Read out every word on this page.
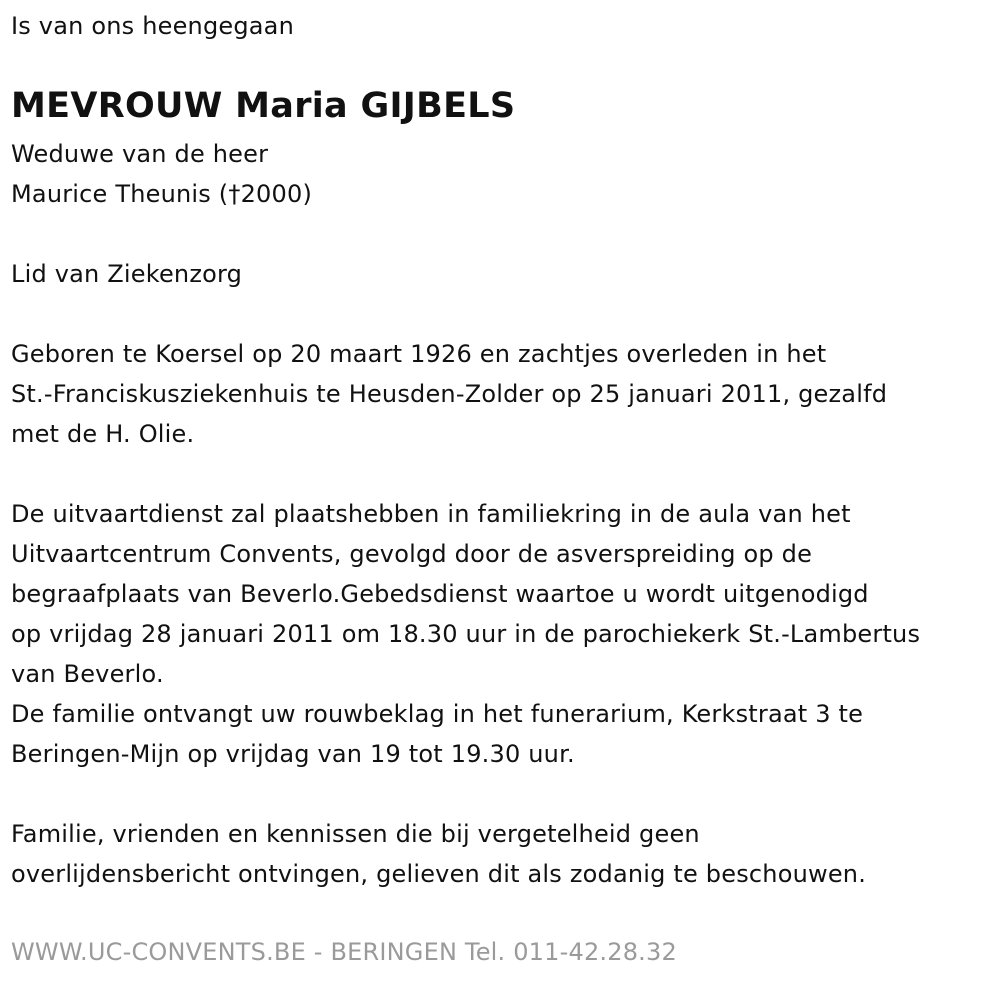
Is van ons heengegaan
MEVROUW Maria GIJBELS
Weduwe van de heer
Maurice Theunis (†2000)
Lid van Ziekenzorg
Geboren te Koersel op 20 maart 1926 en zachtjes overleden in het
St.-Franciskusziekenhuis te Heusden-Zolder op 25 januari 2011, gezalfd
met de H. Olie.
De uitvaartdienst zal plaatshebben in familiekring in de aula van het
Uitvaartcentrum Convents, gevolgd door de asverspreiding op de
begraafplaats van Beverlo.Gebedsdienst waartoe u wordt uitgenodigd
op vrijdag 28 januari 2011 om 18.30 uur in de parochiekerk St.-Lambertus
van Beverlo.
De familie ontvangt uw rouwbeklag in het funerarium, Kerkstraat 3 te
Beringen-Mijn op vrijdag van 19 tot 19.30 uur.
Familie, vrienden en kennissen die bij vergetelheid geen
overlijdensbericht ontvingen, gelieven dit als zodanig te beschouwen.
WWW.UC-CONVENTS.BE - BERINGEN Tel. 011-42.28.32
